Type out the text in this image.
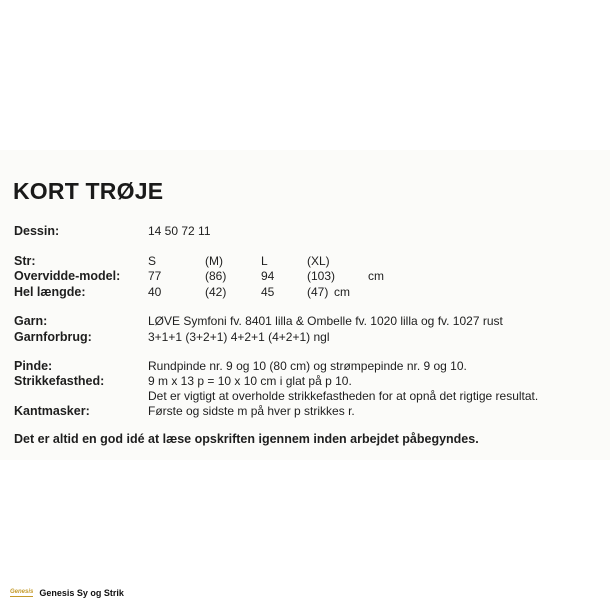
KORT TRØJE
Dessin:	14 50 72 11
Str:	S	(M)	L	(XL)
Overvidde-model: 77	(86)	94	(103)	cm
Hel længde:	40	(42)	45	(47) cm
Garn:	LØVE Symfoni fv. 8401 lilla & Ombelle fv. 1020 lilla og fv. 1027 rust
Garnforbrug:	3+1+1 (3+2+1) 4+2+1 (4+2+1) ngl
Pinde:	Rundpinde nr. 9 og 10 (80 cm) og strømpepinde nr. 9 og 10.
Strikkefasthed:	9 m x 13 p = 10 x 10 cm i glat på p 10.
Det er vigtigt at overholde strikkefastheden for at opnå det rigtige resultat.
Kantmasker:	Første og sidste m på hver p strikkes r.
Det er altid en god idé at læse opskriften igennem inden arbejdet påbegyndes.
Genesis Genesis Sy og Strik
